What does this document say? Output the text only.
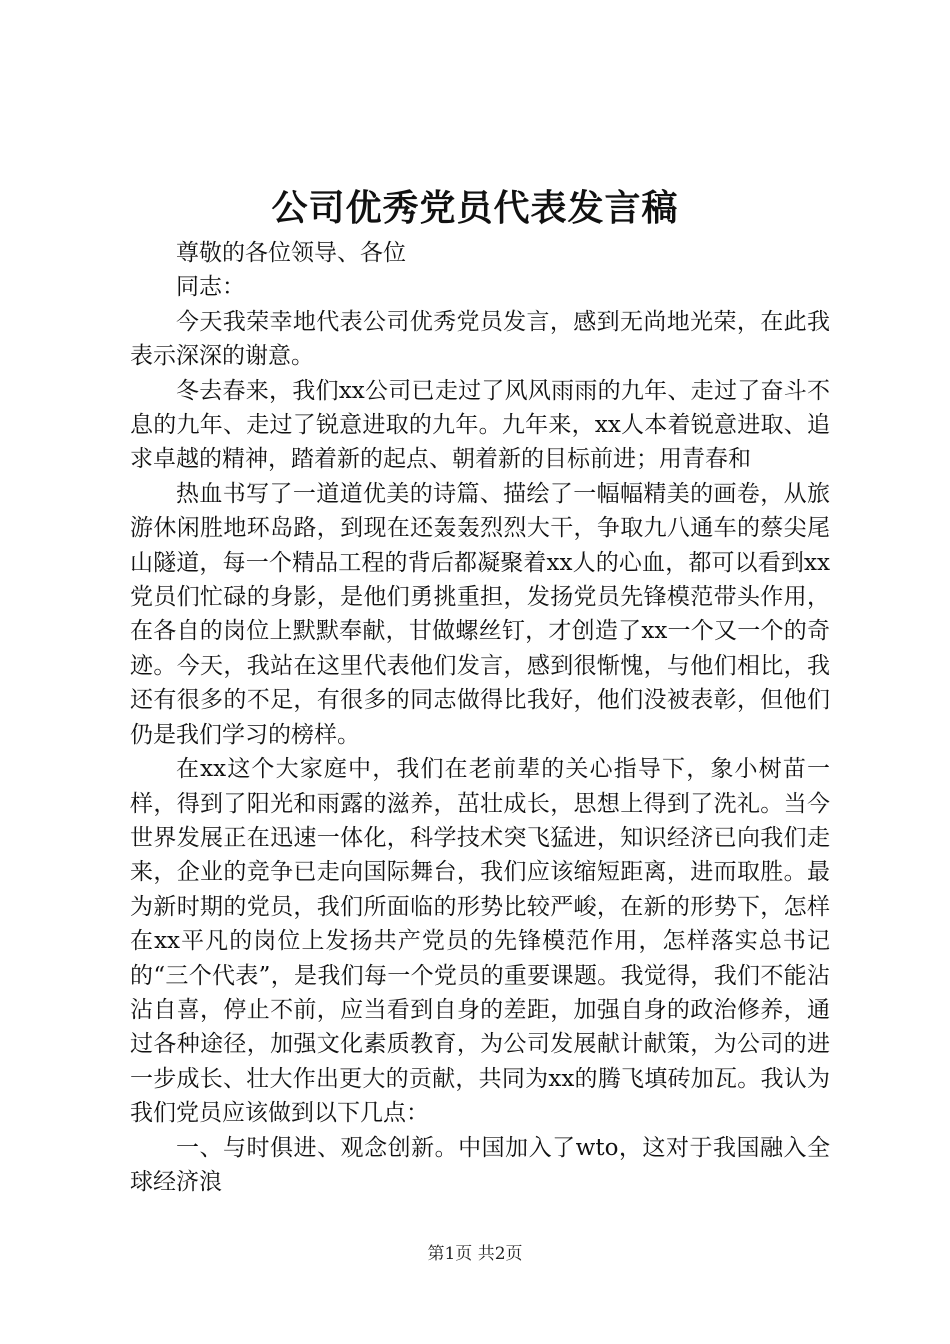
公司优秀党员代表发言稿

尊敬的各位领导、各位

同志：

今天我荣幸地代表公司优秀党员发言，感到无尚地光荣，在此我表示深深的谢意。

冬去春来，我们xx公司已走过了风风雨雨的九年、走过了奋斗不息的九年、走过了锐意进取的九年。九年来，xx人本着锐意进取、追求卓越的精神，踏着新的起点、朝着新的目标前进；用青春和

热血书写了一道道优美的诗篇、描绘了一幅幅精美的画卷，从旅游休闲胜地环岛路，到现在还轰轰烈烈大干，争取九八通车的蔡尖尾山隧道，每一个精品工程的背后都凝聚着xx人的心血，都可以看到xx党员们忙碌的身影，是他们勇挑重担，发扬党员先锋模范带头作用，在各自的岗位上默默奉献，甘做螺丝钉，才创造了xx一个又一个的奇迹。今天，我站在这里代表他们发言，感到很惭愧，与他们相比，我还有很多的不足，有很多的同志做得比我好，他们没被表彰，但他们仍是我们学习的榜样。

在xx这个大家庭中，我们在老前辈的关心指导下，象小树苗一样，得到了阳光和雨露的滋养，茁壮成长，思想上得到了洗礼。当今世界发展正在迅速一体化，科学技术突飞猛进，知识经济已向我们走来，企业的竞争已走向国际舞台，我们应该缩短距离，进而取胜。最为新时期的党员，我们所面临的形势比较严峻，在新的形势下，怎样在xx平凡的岗位上发扬共产党员的先锋模范作用，怎样落实总书记的“三个代表”，是我们每一个党员的重要课题。我觉得，我们不能沾沾自喜，停止不前，应当看到自身的差距，加强自身的政治修养，通过各种途径，加强文化素质教育，为公司发展献计献策，为公司的进一步成长、壮大作出更大的贡献，共同为xx的腾飞填砖加瓦。我认为我们党员应该做到以下几点：

一、与时俱进、观念创新。中国加入了wto，这对于我国融入全球经济浪

第1页 共2页
